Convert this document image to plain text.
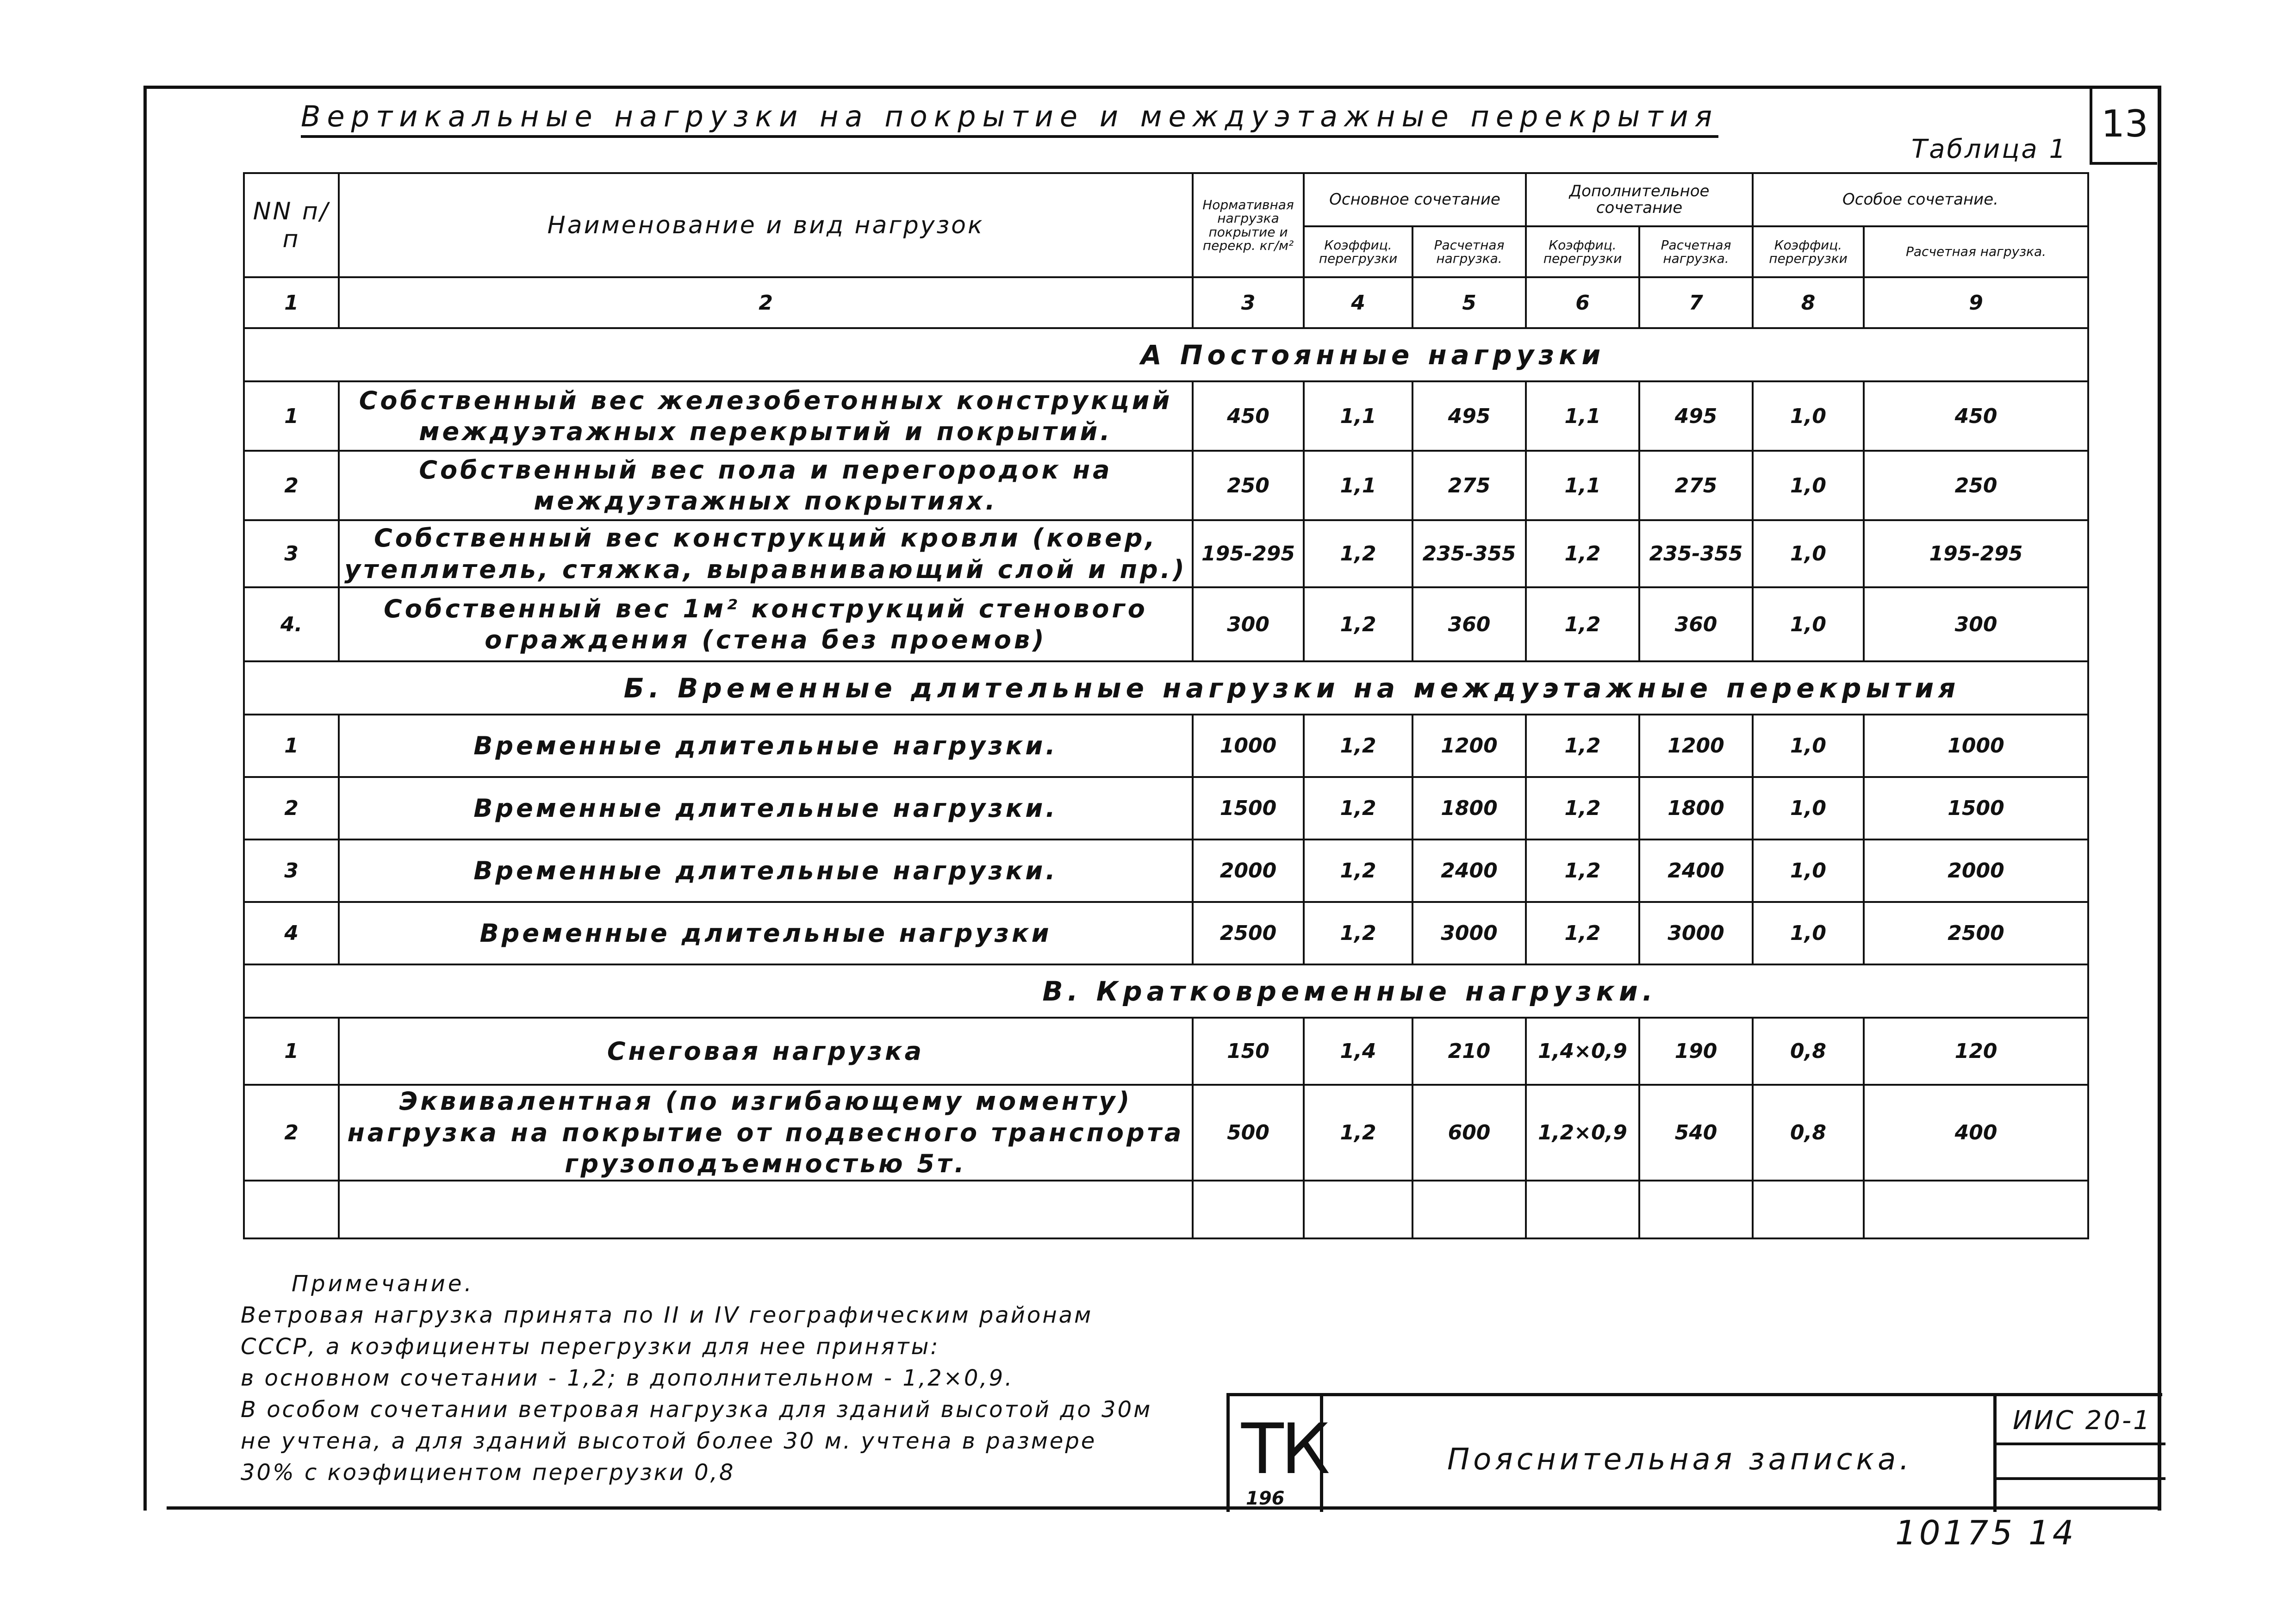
Вертикальные нагрузки на покрытие и междуэтажные перекрытия	13
Таблица 1
NN п/п	Наименование и вид нагрузок	Нормативная нагрузка покрытие и перекр. кг/м²	Основное сочетание		Дополнительное сочетание		Особое сочетание.	
			Коэффиц. перегрузки	Расчетная нагрузка.	Коэффиц. перегрузки	Расчетная нагрузка.	Коэффиц. перегрузки	Расчетная нагрузка.
1	2	3	4	5	6	7	8	9
А Постоянные нагрузки								
1	Собственный вес железобетонных конструкций междуэтажных перекрытий и покрытий.	450	1,1	495	1,1	495	1,0	450
2	Собственный вес пола и перегородок на междуэтажных покрытиях.	250	1,1	275	1,1	275	1,0	250
3	Собственный вес конструкций кровли (ковер, утеплитель, стяжка, выравнивающий слой и пр.)	195-295	1,2	235-355	1,2	235-355	1,0	195-295
4.	Собственный вес 1м² конструкций стенового ограждения (стена без проемов)	300	1,2	360	1,2	360	1,0	300
Б. Временные длительные нагрузки на междуэтажные перекрытия								
1	Временные длительные нагрузки.	1000	1,2	1200	1,2	1200	1,0	1000
2	Временные длительные нагрузки.	1500	1,2	1800	1,2	1800	1,0	1500
3	Временные длительные нагрузки.	2000	1,2	2400	1,2	2400	1,0	2000
4	Временные длительные нагрузки	2500	1,2	3000	1,2	3000	1,0	2500
В. Кратковременные нагрузки.								
1	Снеговая нагрузка	150	1,4	210	1,4×0,9	190	0,8	120
2	Эквивалентная (по изгибающему моменту) нагрузка на покрытие от подвесного транспорта грузоподъемностью 5т.	500	1,2	600	1,2×0,9	540	0,8	400

Примечание.
Ветровая нагрузка принята по II и IV географическим районам
СССР, а коэфициенты перегрузки для нее приняты:
в основном сочетании - 1,2; в дополнительном - 1,2×0,9.
В особом сочетании ветровая нагрузка для зданий высотой до 30м
не учтена, а для зданий высотой более 30 м. учтена в размере
30% с коэфициентом перегрузки 0,8	ТК
196
Пояснительная записка.
ИИС 20-1
10175 14
